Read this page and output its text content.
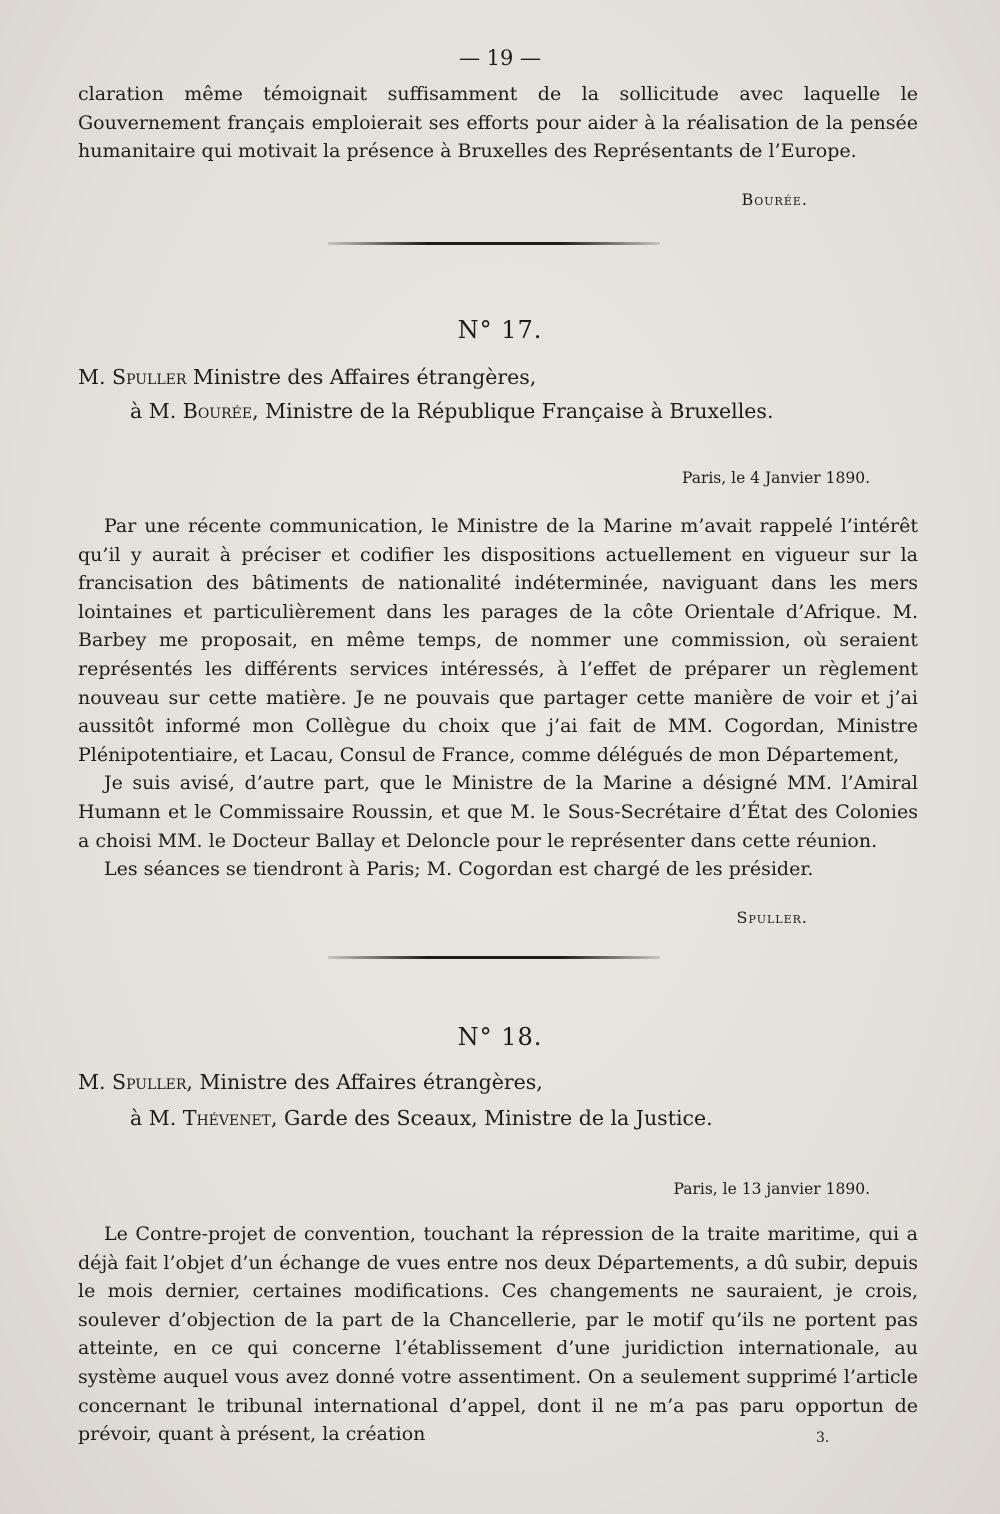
— 19 —

claration même témoignait suffisamment de la sollicitude avec laquelle le Gouvernement français emploierait ses efforts pour aider à la réalisation de la pensée humanitaire qui motivait la présence à Bruxelles des Représentants de l’Europe.

Bourée.
N° 17.
M. Spuller Ministre des Affaires étrangères,
à M. Bourée, Ministre de la République Française à Bruxelles.
Paris, le 4 Janvier 1890.

Par une récente communication, le Ministre de la Marine m’avait rappelé l’intérêt qu’il y aurait à préciser et codifier les dispositions actuellement en vigueur sur la francisation des bâtiments de nationalité indéterminée, naviguant dans les mers lointaines et particulièrement dans les parages de la côte Orientale d’Afrique. M. Barbey me proposait, en même temps, de nommer une commission, où seraient représentés les différents services intéressés, à l’effet de préparer un règlement nouveau sur cette matière. Je ne pouvais que partager cette manière de voir et j’ai aussitôt informé mon Collègue du choix que j’ai fait de MM. Cogordan, Ministre Plénipotentiaire, et Lacau, Consul de France, comme délégués de mon Département,

Je suis avisé, d’autre part, que le Ministre de la Marine a désigné MM. l’Amiral Humann et le Commissaire Roussin, et que M. le Sous-Secrétaire d’État des Colonies a choisi MM. le Docteur Ballay et Deloncle pour le représenter dans cette réunion.

Les séances se tiendront à Paris; M. Cogordan est chargé de les présider.

Spuller.
N° 18.
M. Spuller, Ministre des Affaires étrangères,
à M. Thévenet, Garde des Sceaux, Ministre de la Justice.
Paris, le 13 janvier 1890.

Le Contre-projet de convention, touchant la répression de la traite maritime, qui a déjà fait l’objet d’un échange de vues entre nos deux Départements, a dû subir, depuis le mois dernier, certaines modifications. Ces changements ne sauraient, je crois, soulever d’objection de la part de la Chancellerie, par le motif qu’ils ne portent pas atteinte, en ce qui concerne l’établissement d’une juridiction internationale, au système auquel vous avez donné votre assentiment. On a seulement supprimé l’article concernant le tribunal international d’appel, dont il ne m’a pas paru opportun de prévoir, quant à présent, la création	3.
